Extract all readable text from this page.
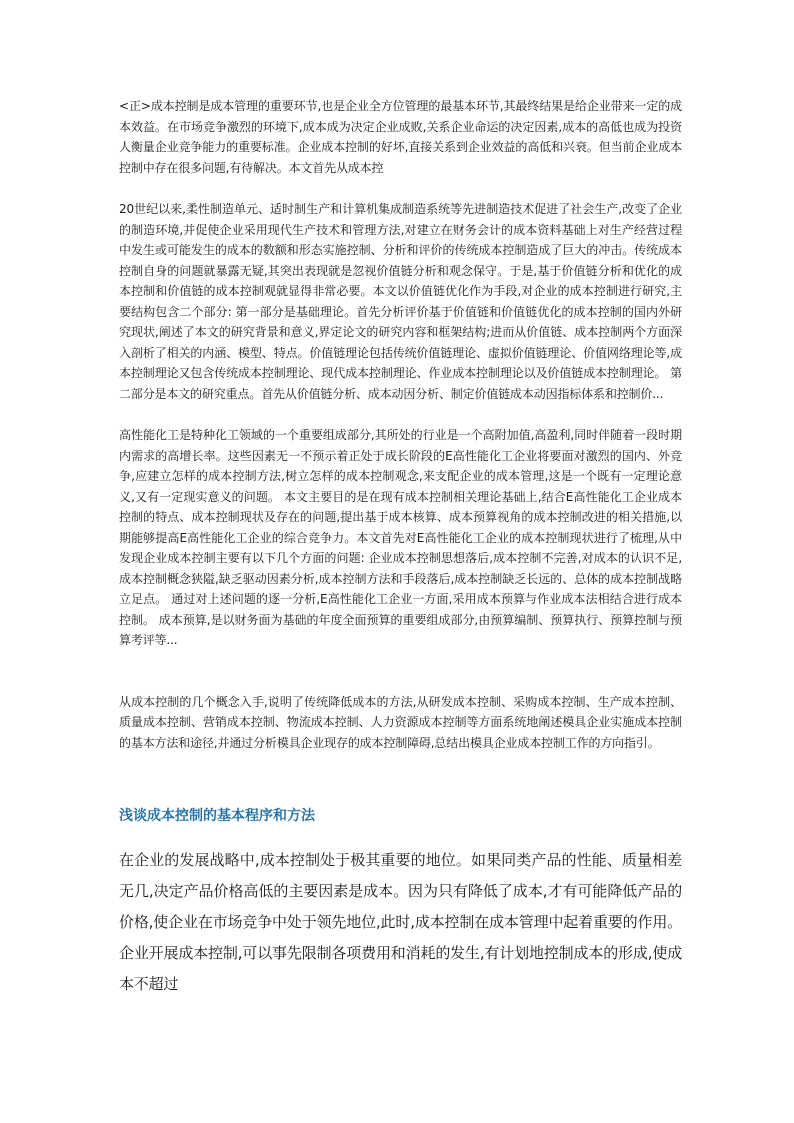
<正>成本控制是成本管理的重要环节,也是企业全方位管理的最基本环节,其最终结果是给企业带来一定的成本效益。在市场竞争激烈的环境下,成本成为决定企业成败,关系企业命运的决定因素,成本的高低也成为投资人衡量企业竞争能力的重要标准。企业成本控制的好坏,直接关系到企业效益的高低和兴衰。但当前企业成本控制中存在很多问题,有待解决。本文首先从成本控

20世纪以来,柔性制造单元、适时制生产和计算机集成制造系统等先进制造技术促进了社会生产,改变了企业的制造环境,并促使企业采用现代生产技术和管理方法,对建立在财务会计的成本资料基础上对生产经营过程中发生或可能发生的成本的数额和形态实施控制、分析和评价的传统成本控制造成了巨大的冲击。传统成本控制自身的问题就暴露无疑,其突出表现就是忽视价值链分析和观念保守。于是,基于价值链分析和优化的成本控制和价值链的成本控制观就显得非常必要。本文以价值链优化作为手段,对企业的成本控制进行研究,主要结构包含二个部分: 第一部分是基础理论。首先分析评价基于价值链和价值链优化的成本控制的国内外研究现状,阐述了本文的研究背景和意义,界定论文的研究内容和框架结构;进而从价值链、成本控制两个方面深入剖析了相关的内涵、模型、特点。价值链理论包括传统价值链理论、虚拟价值链理论、价值网络理论等,成本控制理论又包含传统成本控制理论、现代成本控制理论、作业成本控制理论以及价值链成本控制理论。 第二部分是本文的研究重点。首先从价值链分析、成本动因分析、制定价值链成本动因指标体系和控制价...

高性能化工是特种化工领域的一个重要组成部分,其所处的行业是一个高附加值,高盈利,同时伴随着一段时期内需求的高增长率。这些因素无一不预示着正处于成长阶段的E高性能化工企业将要面对激烈的国内、外竞争,应建立怎样的成本控制方法,树立怎样的成本控制观念,来支配企业的成本管理,这是一个既有一定理论意义,又有一定现实意义的问题。 本文主要目的是在现有成本控制相关理论基础上,结合E高性能化工企业成本控制的特点、成本控制现状及存在的问题,提出基于成本核算、成本预算视角的成本控制改进的相关措施,以期能够提高E高性能化工企业的综合竞争力。本文首先对E高性能化工企业的成本控制现状进行了梳理,从中发现企业成本控制主要有以下几个方面的问题: 企业成本控制思想落后,成本控制不完善,对成本的认识不足,成本控制概念狭隘,缺乏驱动因素分析,成本控制方法和手段落后,成本控制缺乏长远的、总体的成本控制战略立足点。 通过对上述问题的逐一分析,E高性能化工企业一方面,采用成本预算与作业成本法相结合进行成本控制。 成本预算,是以财务面为基础的年度全面预算的重要组成部分,由预算编制、预算执行、预算控制与预算考评等...

从成本控制的几个概念入手,说明了传统降低成本的方法,从研发成本控制、采购成本控制、生产成本控制、质量成本控制、营销成本控制、物流成本控制、人力资源成本控制等方面系统地阐述模具企业实施成本控制的基本方法和途径,并通过分析模具企业现存的成本控制障碍,总结出模具企业成本控制工作的方向指引。

浅谈成本控制的基本程序和方法

在企业的发展战略中,成本控制处于极其重要的地位。如果同类产品的性能、质量相差无几,决定产品价格高低的主要因素是成本。因为只有降低了成本,才有可能降低产品的价格,使企业在市场竞争中处于领先地位,此时,成本控制在成本管理中起着重要的作用。企业开展成本控制,可以事先限制各项费用和消耗的发生,有计划地控制成本的形成,使成本不超过
